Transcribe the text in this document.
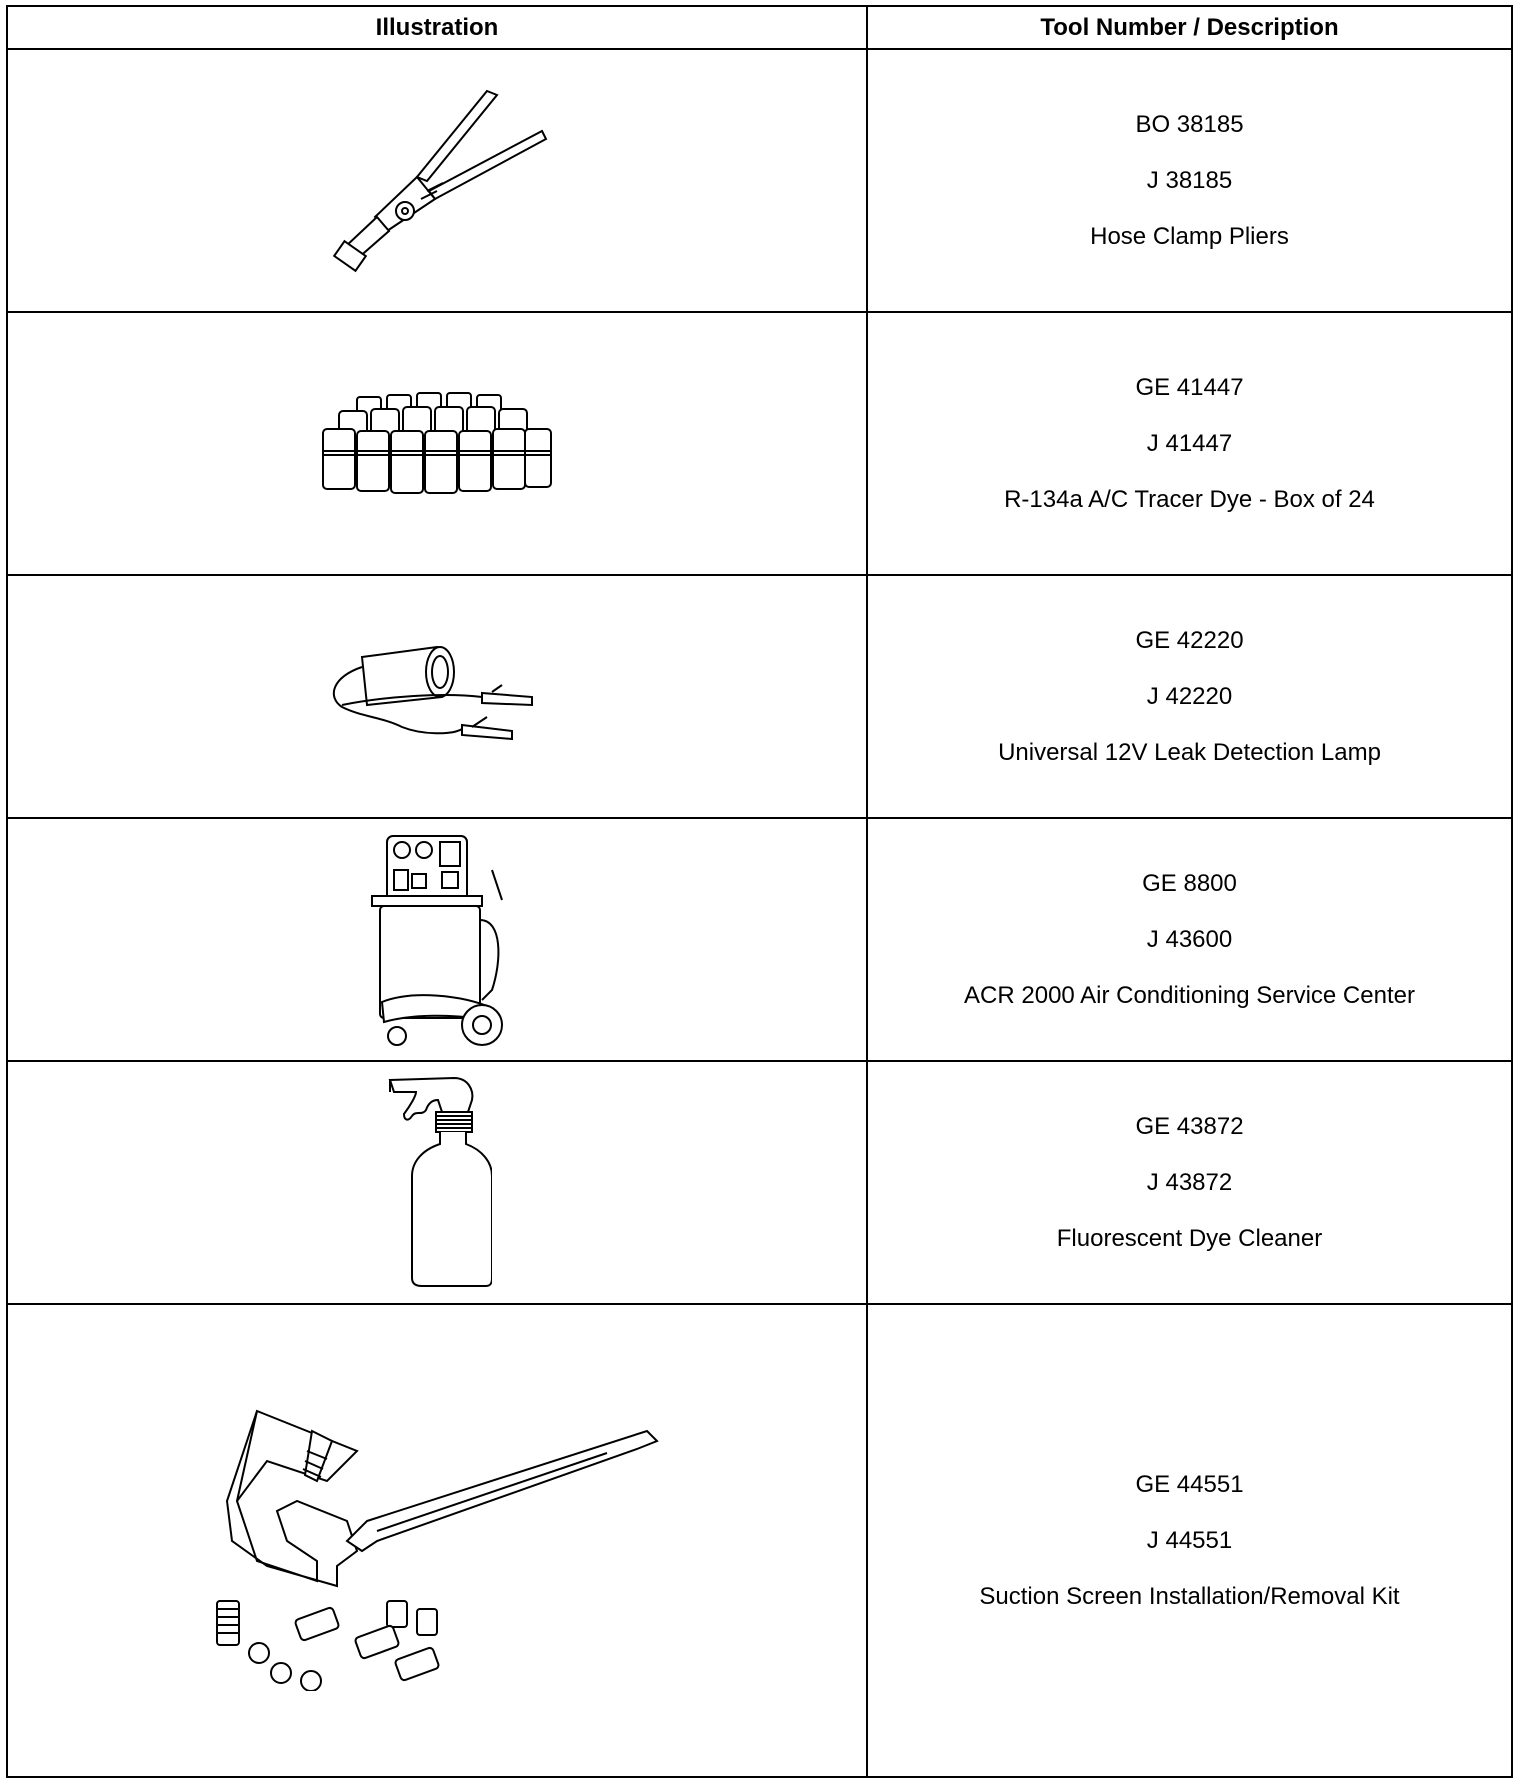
Illustration	Tool Number / Description

BO 38185
J 38185
Hose Clamp Pliers

GE 41447
J 41447
R-134a A/C Tracer Dye - Box of 24

GE 42220
J 42220
Universal 12V Leak Detection Lamp

GE 8800
J 43600
ACR 2000 Air Conditioning Service Center

GE 43872
J 43872
Fluorescent Dye Cleaner

GE 44551
J 44551
Suction Screen Installation/Removal Kit
